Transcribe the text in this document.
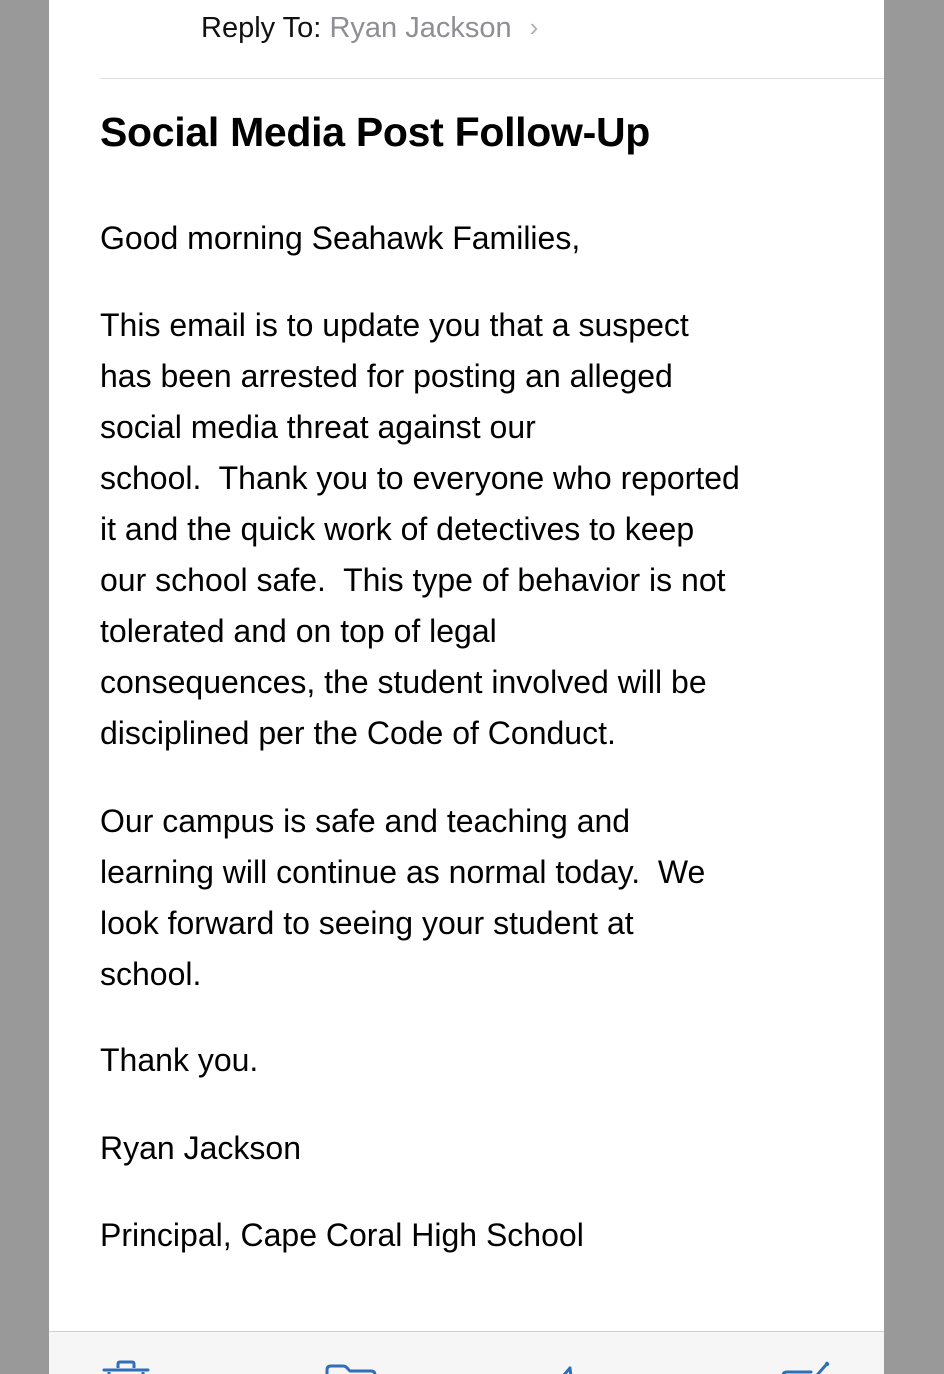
Reply To: Ryan Jackson ›
Social Media Post Follow-Up

Good morning Seahawk Families,

This email is to update you that a suspect
has been arrested for posting an alleged
social media threat against our
school.  Thank you to everyone who reported
it and the quick work of detectives to keep
our school safe.  This type of behavior is not
tolerated and on top of legal
consequences, the student involved will be
disciplined per the Code of Conduct.

Our campus is safe and teaching and
learning will continue as normal today.  We
look forward to seeing your student at
school.

Thank you.

Ryan Jackson

Principal, Cape Coral High School
